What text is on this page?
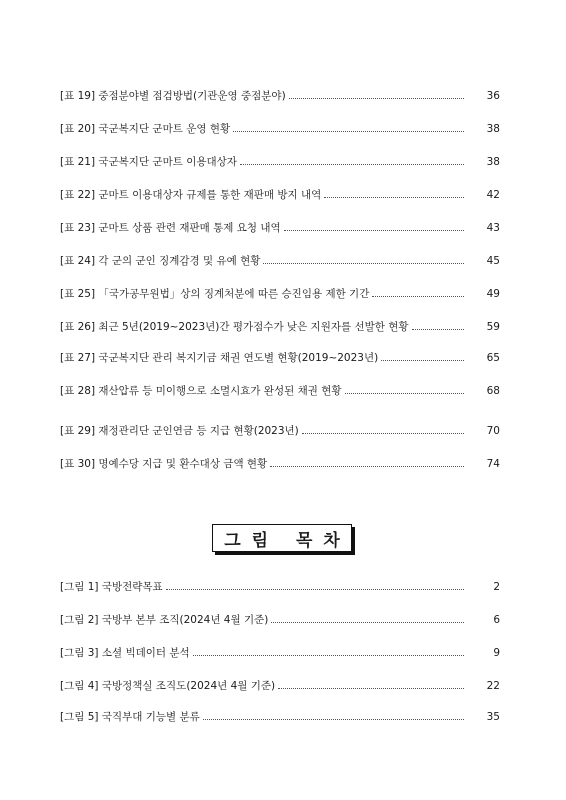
[표 19] 중점분야별 점검방법(기관운영 중점분야)	36
[표 20] 국군복지단 군마트 운영 현황	38
[표 21] 국군복지단 군마트 이용대상자	38
[표 22] 군마트 이용대상자 규제를 통한 재판매 방지 내역	42
[표 23] 군마트 상품 관련 재판매 통제 요청 내역	43
[표 24] 각 군의 군인 징계감경 및 유예 현황	45
[표 25] 「국가공무원법」상의 징계처분에 따른 승진임용 제한 기간	49
[표 26] 최근 5년(2019~2023년)간 평가점수가 낮은 지원자를 선발한 현황	59
[표 27] 국군복지단 관리 복지기금 채권 연도별 현황(2019~2023년)	65
[표 28] 재산압류 등 미이행으로 소멸시효가 완성된 채권 현황	68
[표 29] 재정관리단 군인연금 등 지급 현황(2023년)	70
[표 30] 명예수당 지급 및 환수대상 금액 현황	74
그림 목차
[그림 1] 국방전략목표	2
[그림 2] 국방부 본부 조직(2024년 4월 기준)	6
[그림 3] 소셜 빅데이터 분석	9
[그림 4] 국방정책실 조직도(2024년 4월 기준)	22
[그림 5] 국직부대 기능별 분류	35
